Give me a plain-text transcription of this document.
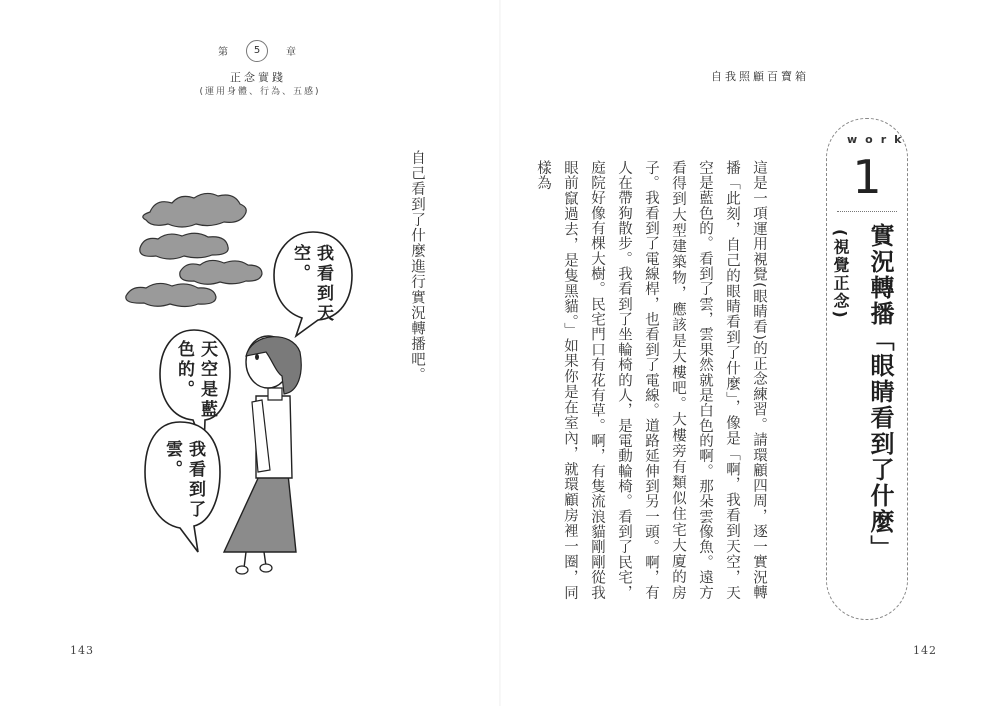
第	5	章
正念實踐
(運用身體、行為、五感)
我看到天空。
天空是藍色的。
我看到了雲。
自己看到了什麼進行實況轉播吧。
143
自我照顧百寶箱

這是一項運用視覺(眼睛看)的正念練習。請環顧四周，逐一實況轉播「此刻，自己的眼睛看到了什麼」，像是「啊，我看到天空，天空是藍色的。看到了雲，雲果然就是白色的啊。那朵雲像魚。遠方看得到大型建築物，應該是大樓吧。大樓旁有類似住宅大廈的房子。我看到了電線桿，也看到了電線。道路延伸到另一頭。啊，有人在帶狗散步。我看到了坐輪椅的人，是電動輪椅。看到了民宅，庭院好像有棵大樹。民宅門口有花有草。啊，有隻流浪貓剛剛從我眼前竄過去，是隻黑貓。」如果你是在室內，就環顧房裡一圈，同樣為

work
1
實況轉播「眼睛看到了什麼」
(視覺正念)
142
